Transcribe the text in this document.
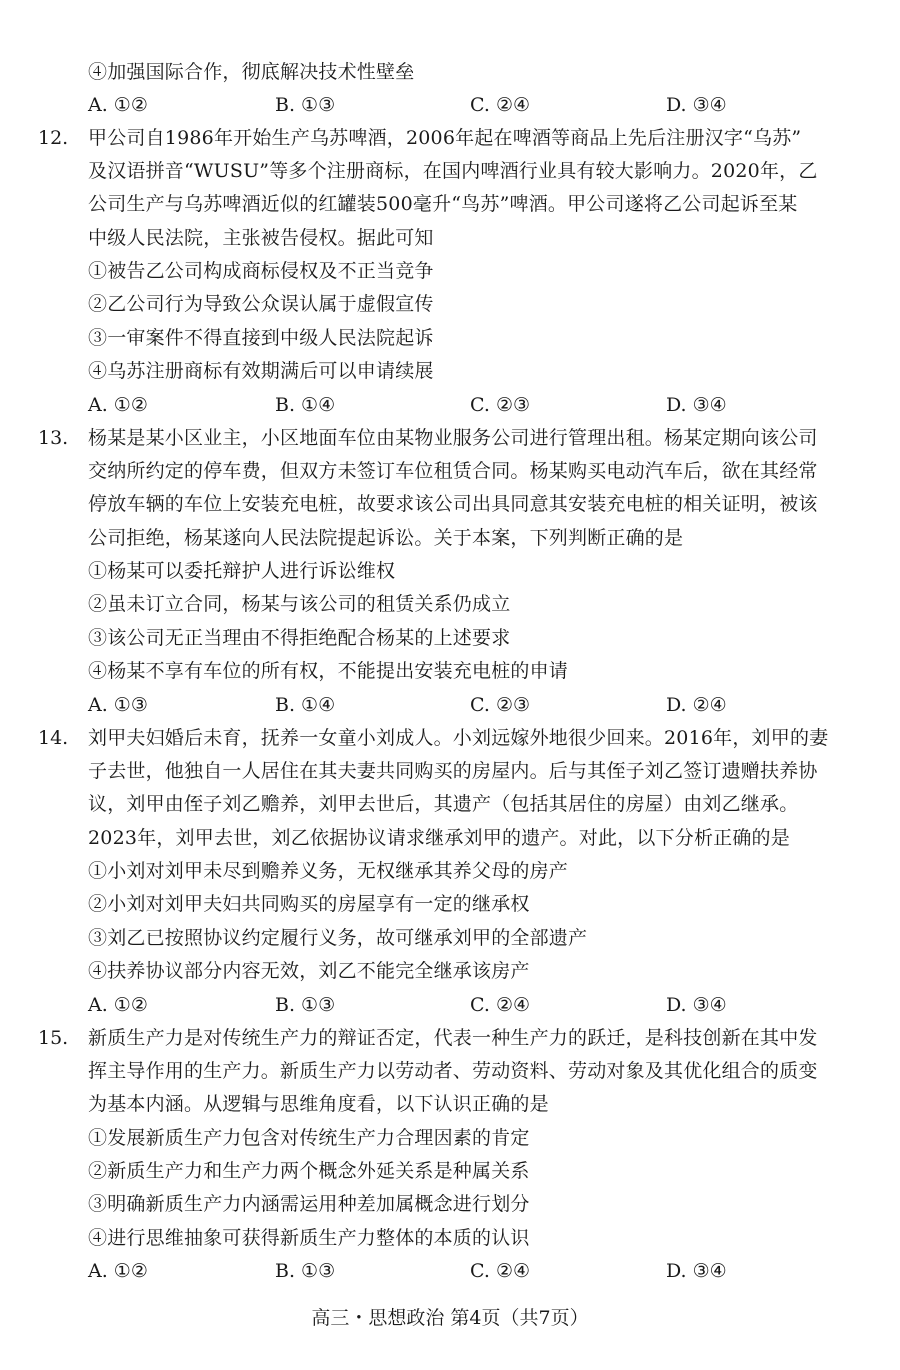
④加强国际合作，彻底解决技术性壁垒
A. ①②	B. ①③	C. ②④	D. ③④
12. 甲公司自1986年开始生产乌苏啤酒，2006年起在啤酒等商品上先后注册汉字“乌苏”
及汉语拼音“WUSU”等多个注册商标，在国内啤酒行业具有较大影响力。2020年，乙
公司生产与乌苏啤酒近似的红罐装500毫升“鸟苏”啤酒。甲公司遂将乙公司起诉至某
中级人民法院，主张被告侵权。据此可知
①被告乙公司构成商标侵权及不正当竞争
②乙公司行为导致公众误认属于虚假宣传
③一审案件不得直接到中级人民法院起诉
④乌苏注册商标有效期满后可以申请续展
A. ①②	B. ①④	C. ②③	D. ③④
13. 杨某是某小区业主，小区地面车位由某物业服务公司进行管理出租。杨某定期向该公司
交纳所约定的停车费，但双方未签订车位租赁合同。杨某购买电动汽车后，欲在其经常
停放车辆的车位上安装充电桩，故要求该公司出具同意其安装充电桩的相关证明，被该
公司拒绝，杨某遂向人民法院提起诉讼。关于本案，下列判断正确的是
①杨某可以委托辩护人进行诉讼维权
②虽未订立合同，杨某与该公司的租赁关系仍成立
③该公司无正当理由不得拒绝配合杨某的上述要求
④杨某不享有车位的所有权，不能提出安装充电桩的申请
A. ①③	B. ①④	C. ②③	D. ②④
14. 刘甲夫妇婚后未育，抚养一女童小刘成人。小刘远嫁外地很少回来。2016年，刘甲的妻
子去世，他独自一人居住在其夫妻共同购买的房屋内。后与其侄子刘乙签订遗赠扶养协
议，刘甲由侄子刘乙赡养，刘甲去世后，其遗产（包括其居住的房屋）由刘乙继承。
2023年，刘甲去世，刘乙依据协议请求继承刘甲的遗产。对此，以下分析正确的是
①小刘对刘甲未尽到赡养义务，无权继承其养父母的房产
②小刘对刘甲夫妇共同购买的房屋享有一定的继承权
③刘乙已按照协议约定履行义务，故可继承刘甲的全部遗产
④扶养协议部分内容无效，刘乙不能完全继承该房产
A. ①②	B. ①③	C. ②④	D. ③④
15. 新质生产力是对传统生产力的辩证否定，代表一种生产力的跃迁，是科技创新在其中发
挥主导作用的生产力。新质生产力以劳动者、劳动资料、劳动对象及其优化组合的质变
为基本内涵。从逻辑与思维角度看，以下认识正确的是
①发展新质生产力包含对传统生产力合理因素的肯定
②新质生产力和生产力两个概念外延关系是种属关系
③明确新质生产力内涵需运用种差加属概念进行划分
④进行思维抽象可获得新质生产力整体的本质的认识
A. ①②	B. ①③	C. ②④	D. ③④
高三・思想政治 第4页（共7页）
